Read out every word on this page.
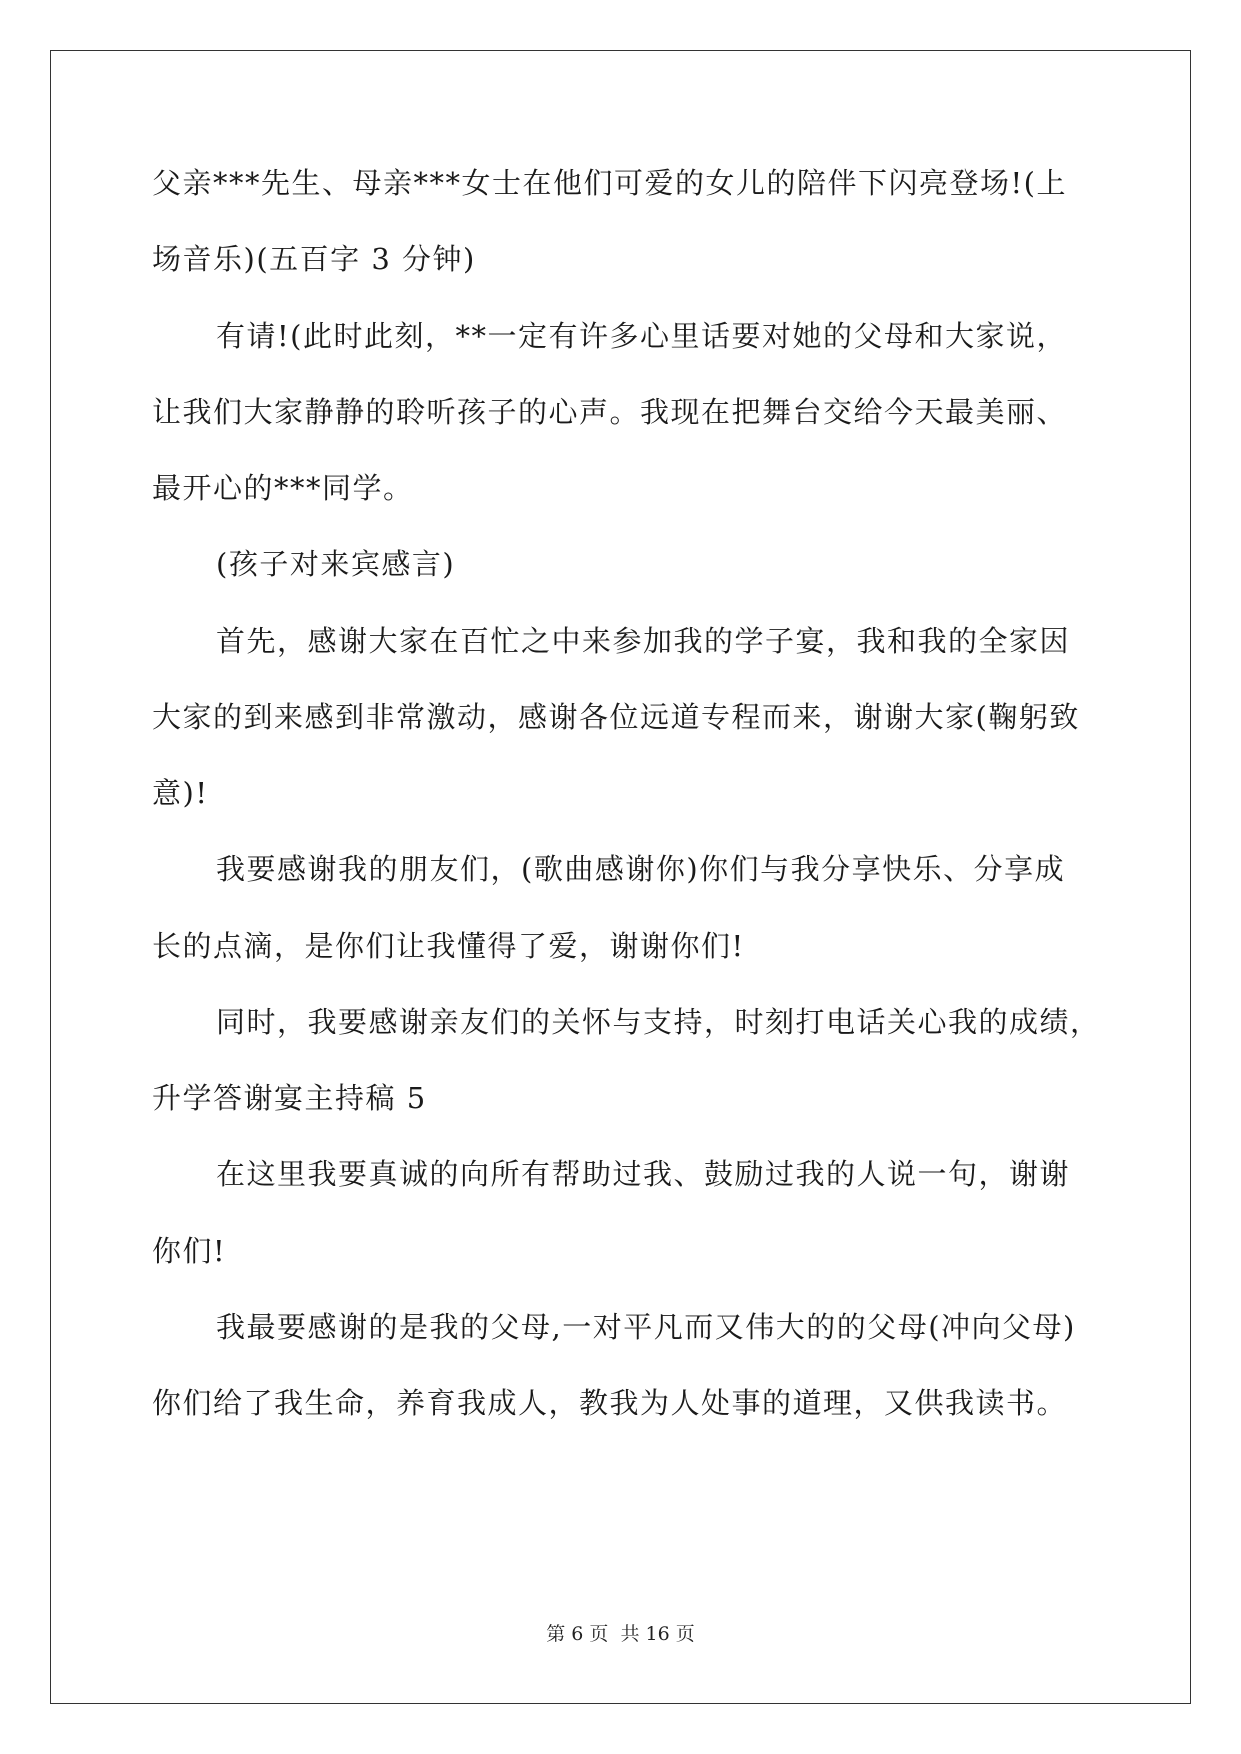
父亲***先生、母亲***女士在他们可爱的女儿的陪伴下闪亮登场!(上
场音乐)(五百字 3 分钟)
有请!(此时此刻，**一定有许多心里话要对她的父母和大家说，
让我们大家静静的聆听孩子的心声。我现在把舞台交给今天最美丽、
最开心的***同学。
(孩子对来宾感言)
首先，感谢大家在百忙之中来参加我的学子宴，我和我的全家因
大家的到来感到非常激动，感谢各位远道专程而来，谢谢大家(鞠躬致
意)!
我要感谢我的朋友们，(歌曲感谢你)你们与我分享快乐、分享成
长的点滴，是你们让我懂得了爱，谢谢你们!
同时，我要感谢亲友们的关怀与支持，时刻打电话关心我的成绩，
升学答谢宴主持稿 5
在这里我要真诚的向所有帮助过我、鼓励过我的人说一句，谢谢
你们!
我最要感谢的是我的父母,一对平凡而又伟大的的父母(冲向父母)
你们给了我生命，养育我成人，教我为人处事的道理，又供我读书。
第 6 页 共 16 页
